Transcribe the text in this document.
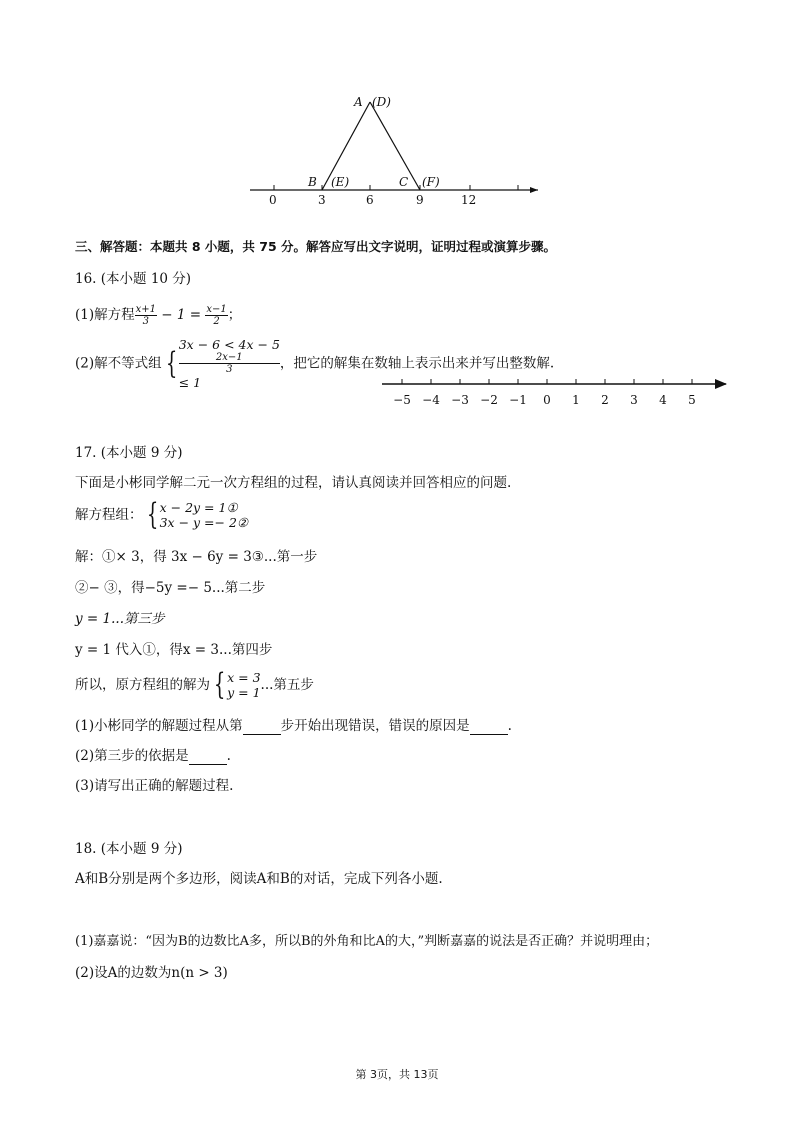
A (D)
B (E)	C (F)
0	3	6	9	12
三、解答题：本题共 8 小题，共 75 分。解答应写出文字说明，证明过程或演算步骤。
16. (本小题 10 分)
(1)解方程 $\frac{x+1}{3} - 1 = \frac{x-1}{2}$ ；
(2)解不等式组 {
3x − 6 < 4x − 5
2x−1
3
≤ 1
，把它的解集在数轴上表示出来并写出整数解.
−5 −4 −3 −2 −1 0 1 2 3 4 5
17. (本小题 9 分)
下面是小彬同学解二元一次方程组的过程，请认真阅读并回答相应的问题.
解方程组： { x − 2y = 1①
3x − y =− 2②
解：①× 3，得 3x − 6y = 3③...第一步
②− ③，得−5y =− 5...第二步
y = 1...第三步
y = 1 代入①，得x = 3...第四步
所以，原方程组的解为 { x = 3
y = 1 ...第五步
(1)小彬同学的解题过程从第	步开始出现错误，错误的原因是	.
(2)第三步的依据是	.
(3)请写出正确的解题过程.
18. (本小题 9 分)
A和B分别是两个多边形，阅读A和B的对话，完成下列各小题.
(1)嘉嘉说：“因为B的边数比A多，所以B的外角和比A的大，”判断嘉嘉的说法是否正确？并说明理由；
(2)设A的边数为n(n > 3)
第 3页，共 13页
